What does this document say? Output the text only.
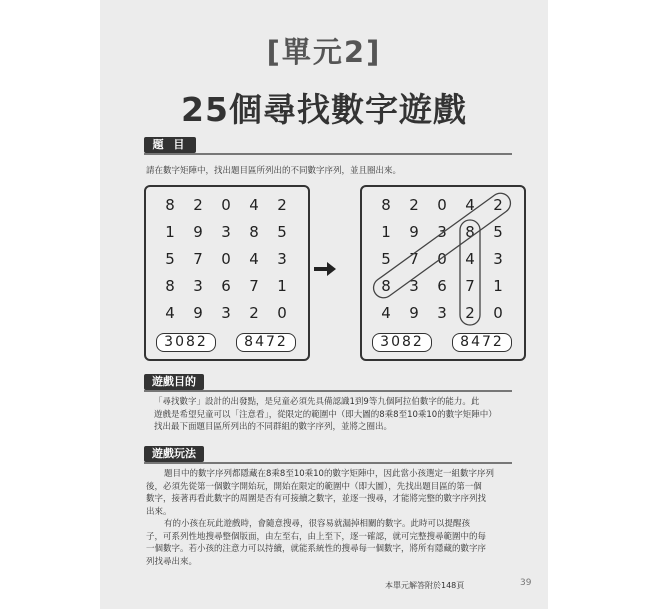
[單元2]
25個尋找數字遊戲
題 目
請在數字矩陣中，找出題目區所列出的不同數字序列，並且圈出來。
8	2	0	4	2
1	9	3	8	5
5	7	0	4	3
8	3	6	7	1
4	9	3	2	0
3082	8472
8	2	0	4	2
1	9	3	8	5
5	7	0	4	3
8	3	6	7	1
4	9	3	2	0
3082	8472
遊戲目的
「尋找數字」設計的出發點，是兒童必須先具備認識1到9等九個阿拉伯數字的能力。此
遊戲是希望兒童可以「注意看」，從限定的範圍中（即大圖的8乘8至10乘10的數字矩陣中）
找出最下面題目區所列出的不同群組的數字序列，並將之圈出。
遊戲玩法
題目中的數字序列都隱藏在8乘8至10乘10的數字矩陣中，因此當小孩選定一組數字序列
後，必須先從第一個數字開始玩，開始在限定的範圍中（即大圖），先找出題目區的第一個
數字，接著再看此數字的周圍是否有可接續之數字，並逐一搜尋，才能將完整的數字序列找
出來。
有的小孩在玩此遊戲時，會隨意搜尋，很容易就漏掉相關的數字。此時可以提醒孩
子，可系列性地搜尋整個版面，由左至右，由上至下，逐一確認，就可完整搜尋範圍中的每
一個數字。若小孩的注意力可以持續，就能系統性的搜尋每一個數字，將所有隱藏的數字序
列找尋出來。
本單元解答附於148頁	39
